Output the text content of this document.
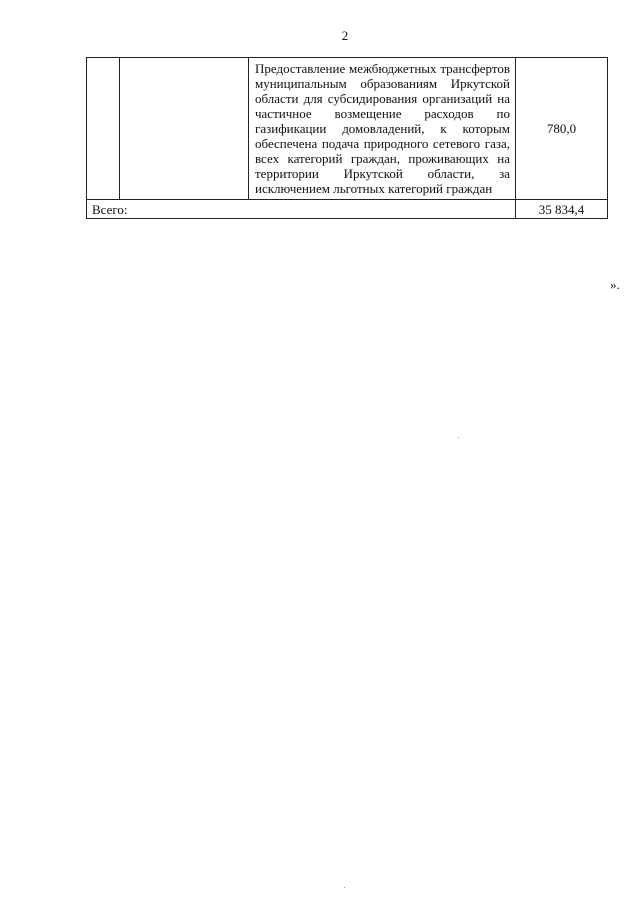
2
		Предоставление межбюджетных трансфертов муниципальным образованиям Иркутской области для субсидирования организаций на частичное возмещение расходов по газификации домовладений, к которым обеспечена подача природного сетевого газа, всех категорий граждан, проживающих на территории Иркутской области, за исключением льготных категорий граждан	780,0
Всего:			35 834,4
».
